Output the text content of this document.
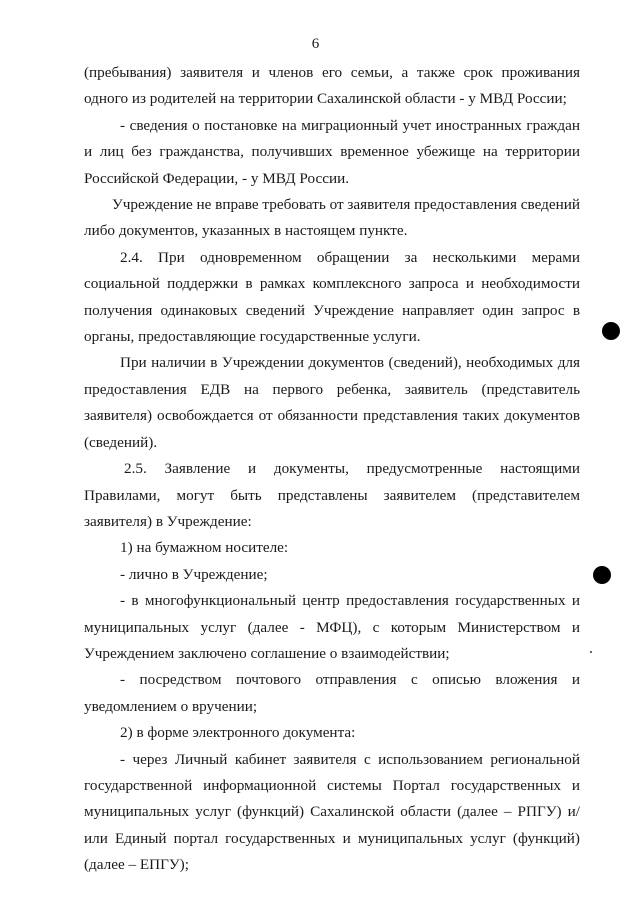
6

(пребывания) заявителя и членов его семьи, а также срок проживания одного из родителей на территории Сахалинской области - у МВД России;

- сведения о постановке на миграционный учет иностранных граждан и лиц без гражданства, получивших временное убежище на территории Российской Федерации, - у МВД России.

Учреждение не вправе требовать от заявителя предоставления сведений либо документов, указанных в настоящем пункте.

2.4. При одновременном обращении за несколькими мерами социальной поддержки в рамках комплексного запроса и необходимости получения одинаковых сведений Учреждение направляет один запрос в органы, предоставляющие государственные услуги.

При наличии в Учреждении документов (сведений), необходимых для предоставления ЕДВ на первого ребенка, заявитель (представитель заявителя) освобождается от обязанности представления таких документов (сведений).

2.5. Заявление и документы, предусмотренные настоящими Правилами, могут быть представлены заявителем (представителем заявителя) в Учреждение:

1) на бумажном носителе:

- лично в Учреждение;

- в многофункциональный центр предоставления государственных и муниципальных услуг (далее - МФЦ), с которым Министерством и Учреждением заключено соглашение о взаимодействии;

- посредством почтового отправления с описью вложения и уведомлением о вручении;

2) в форме электронного документа:

- через Личный кабинет заявителя с использованием региональной государственной информационной системы Портал государственных и муниципальных услуг (функций) Сахалинской области (далее – РПГУ) и/или Единый портал государственных и муниципальных услуг (функций) (далее – ЕПГУ);
